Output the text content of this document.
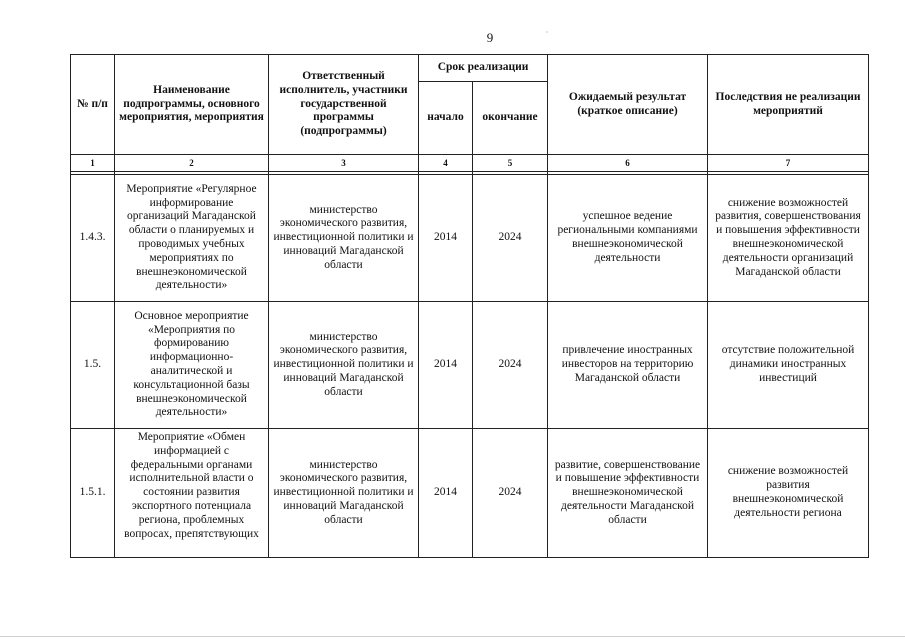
9
№ п/п	Наименование подпрограммы, основного мероприятия, мероприятия	Ответственный исполнитель, участники государственной программы (подпрограммы)	Срок реализации		Ожидаемый результат (краткое описание)	Последствия не реализации мероприятий
			начало	окончание		
1	2	3	4	5	6	7

1.4.3.	Мероприятие «Регулярное информирование организаций Магаданской области о планируемых и проводимых учебных мероприятиях по внешнеэкономической деятельности»	министерство экономического развития, инвестиционной политики и инноваций Магаданской области	2014	2024	успешное ведение региональными компаниями внешнеэкономической деятельности	снижение возможностей развития, совершенствования и повышения эффективности внешнеэкономической деятельности организаций Магаданской области
1.5.	Основное мероприятие «Мероприятия по формированию информационно-аналитической и консультационной базы внешнеэкономической деятельности»	министерство экономического развития, инвестиционной политики и инноваций Магаданской области	2014	2024	привлечение иностранных инвесторов на территорию Магаданской области	отсутствие положительной динамики иностранных инвестиций
1.5.1.	Мероприятие «Обмен информацией с федеральными органами исполнительной власти о состоянии развития экспортного потенциала региона, проблемных вопросах, препятствующих	министерство экономического развития, инвестиционной политики и инноваций Магаданской области	2014	2024	развитие, совершенствование и повышение эффективности внешнеэкономической деятельности Магаданской области	снижение возможностей развития внешнеэкономической деятельности региона
